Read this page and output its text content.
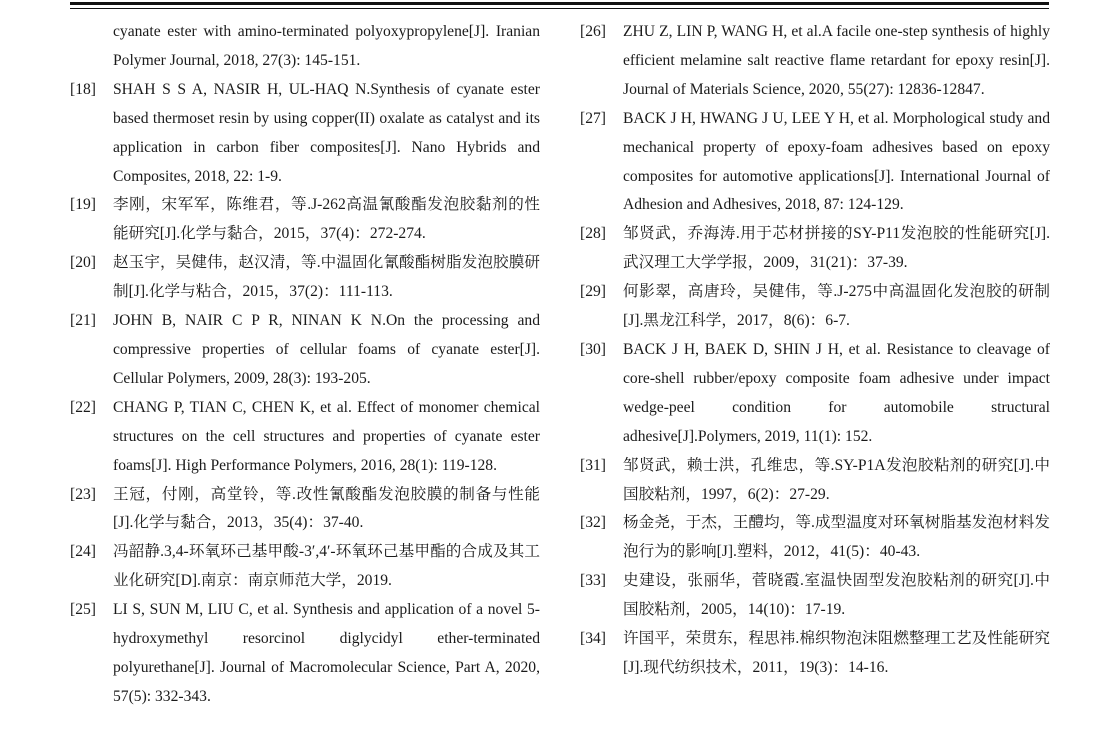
cyanate ester with amino-terminated polyoxypropylene[J]. Iranian Polymer Journal, 2018, 27(3): 145-151.
[18] SHAH S S A, NASIR H, UL-HAQ N.Synthesis of cyanate ester based thermoset resin by using copper(II) oxalate as catalyst and its application in carbon fiber composites[J]. Nano Hybrids and Composites, 2018, 22: 1-9.
[19] 李刚，宋军军，陈维君，等.J-262高温氰酸酯发泡胶黏剂的性能研究[J].化学与黏合，2015，37(4)：272-274.
[20] 赵玉宇，吴健伟，赵汉清，等.中温固化氰酸酯树脂发泡胶膜研制[J].化学与粘合，2015，37(2)：111-113.
[21] JOHN B, NAIR C P R, NINAN K N.On the processing and compressive properties of cellular foams of cyanate ester[J]. Cellular Polymers, 2009, 28(3): 193-205.
[22] CHANG P, TIAN C, CHEN K, et al. Effect of monomer chemical structures on the cell structures and properties of cyanate ester foams[J]. High Performance Polymers, 2016, 28(1): 119-128.
[23] 王冠，付刚，高堂铃，等.改性氰酸酯发泡胶膜的制备与性能[J].化学与黏合，2013，35(4)：37-40.
[24] 冯韶静.3,4-环氧环己基甲酸-3′,4′-环氧环己基甲酯的合成及其工业化研究[D].南京：南京师范大学，2019.
[25] LI S, SUN M, LIU C, et al. Synthesis and application of a novel 5-hydroxymethyl resorcinol diglycidyl ether-terminated polyurethane[J]. Journal of Macromolecular Science, Part A, 2020, 57(5): 332-343.
[26] ZHU Z, LIN P, WANG H, et al.A facile one-step synthesis of highly efficient melamine salt reactive flame retardant for epoxy resin[J]. Journal of Materials Science, 2020, 55(27): 12836-12847.
[27] BACK J H, HWANG J U, LEE Y H, et al. Morphological study and mechanical property of epoxy-foam adhesives based on epoxy composites for automotive applications[J]. International Journal of Adhesion and Adhesives, 2018, 87: 124-129.
[28] 邹贤武，乔海涛.用于芯材拼接的SY-P11发泡胶的性能研究[J].武汉理工大学学报，2009，31(21)：37-39.
[29] 何影翠，高唐玲，吴健伟，等.J-275中高温固化发泡胶的研制[J].黑龙江科学，2017，8(6)：6-7.
[30] BACK J H, BAEK D, SHIN J H, et al. Resistance to cleavage of core-shell rubber/epoxy composite foam adhesive under impact wedge-peel condition for automobile structural adhesive[J].Polymers, 2019, 11(1): 152.
[31] 邹贤武，赖士洪，孔维忠，等.SY-P1A发泡胶粘剂的研究[J].中国胶粘剂，1997，6(2)：27-29.
[32] 杨金尧，于杰，王醴均，等.成型温度对环氧树脂基发泡材料发泡行为的影响[J].塑料，2012，41(5)：40-43.
[33] 史建设，张丽华，菅晓霞.室温快固型发泡胶粘剂的研究[J].中国胶粘剂，2005，14(10)：17-19.
[34] 许国平，荣贯东，程思祎.棉织物泡沫阻燃整理工艺及性能研究[J].现代纺织技术，2011，19(3)：14-16.
